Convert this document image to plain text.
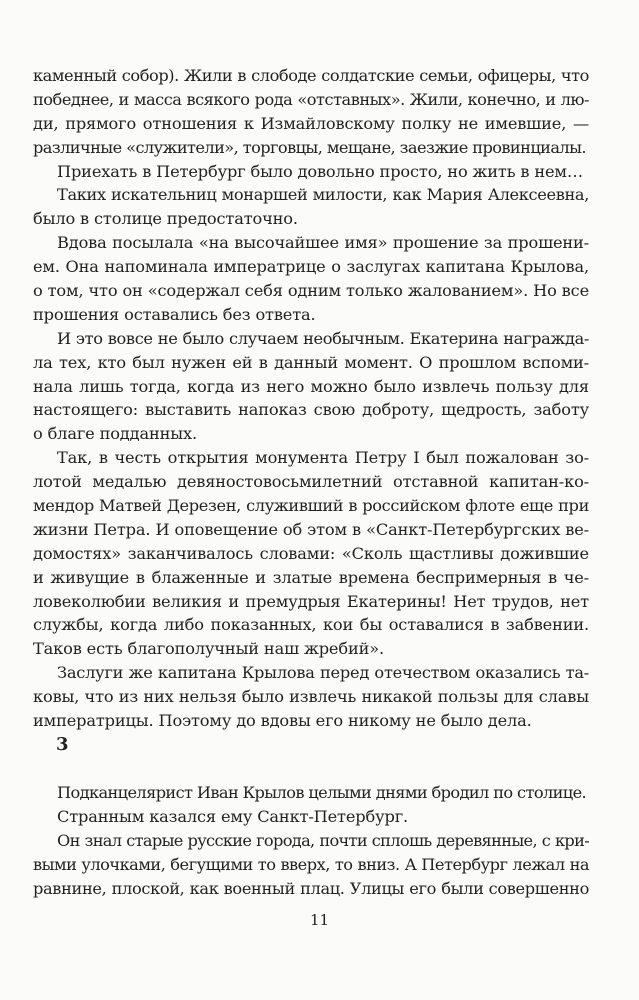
каменный собор). Жили в слободе солдатские семьи, офицеры, что
победнее, и масса всякого рода «отставных». Жили, конечно, и лю-
ди, прямого отношения к Измайловскому полку не имевшие, —
различные «служители», торговцы, мещане, заезжие провинциалы.
Приехать в Петербург было довольно просто, но жить в нем…
Таких искательниц монаршей милости, как Мария Алексеевна,
было в столице предостаточно.
Вдова посылала «на высочайшее имя» прошение за прошени-
ем. Она напоминала императрице о заслугах капитана Крылова,
о том, что он «содержал себя одним только жалованием». Но все
прошения оставались без ответа.
И это вовсе не было случаем необычным. Екатерина награжда-
ла тех, кто был нужен ей в данный момент. О прошлом вспоми-
нала лишь тогда, когда из него можно было извлечь пользу для
настоящего: выставить напоказ свою доброту, щедрость, заботу
о благе подданных.
Так, в честь открытия монумента Петру I был пожалован зо-
лотой медалью девяностовосьмилетний отставной капитан-ко-
мендор Матвей Дерезен, служивший в российском флоте еще при
жизни Петра. И оповещение об этом в «Санкт-Петербургских ве-
домостях» заканчивалось словами: «Сколь щастливы дожившие
и живущие в блаженные и златые времена беспримерныя в че-
ловеколюбии великия и премудрыя Екатерины! Нет трудов, нет
службы, когда либо показанных, кои бы оставалися в забвении.
Таков есть благополучный наш жребий».
Заслуги же капитана Крылова перед отечеством оказались та-
ковы, что из них нельзя было извлечь никакой пользы для славы
императрицы. Поэтому до вдовы его никому не было дела.
3
Подканцелярист Иван Крылов целыми днями бродил по столице.
Странным казался ему Санкт-Петербург.
Он знал старые русские города, почти сплошь деревянные, с кри-
выми улочками, бегущими то вверх, то вниз. А Петербург лежал на
равнине, плоской, как военный плац. Улицы его были совершенно
11
